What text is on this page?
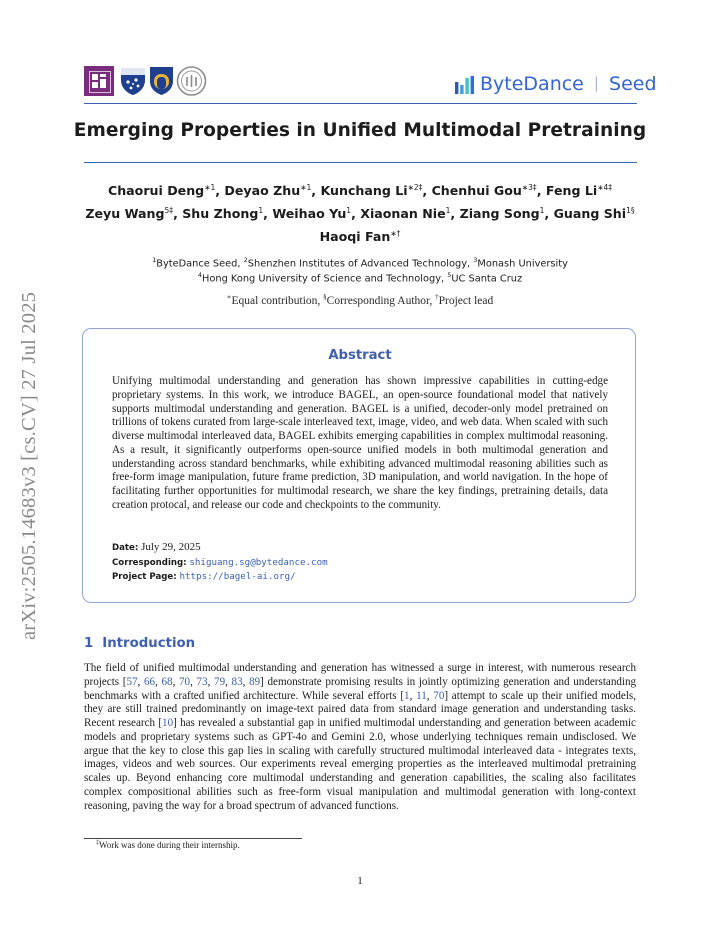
arXiv:2505.14683v3 [cs.CV] 27 Jul 2025
ByteDance | Seed
Emerging Properties in Unified Multimodal Pretraining
Chaorui Deng$^{∗1}$, Deyao Zhu$^{∗1}$, Kunchang $Li^{∗2\ddagger}$, Chenhui Gou$^{∗3\ddagger}$, Feng $Li^{∗4\ddagger}$
Zeyu Wang$^{5\ddagger}$, Shu Zhong$^1$, Weihao Yu$^1$, Xiaonan Nie$^1$, Ziang Song$^1$, Guang Shi$^{1\S}$
Haoqi Fan∗†
$^1$ByteDance Seed, $^2$Shenzhen Institutes of Advanced Technology, $^3$Monash University
$^4$Hong Kong University of Science and Technology, $^5$UC Santa Cruz
∗Equal contribution, §Corresponding Author, †Project lead
Abstract
Unifying multimodal understanding and generation has shown impressive capabilities in cutting-edge proprietary systems. In this work, we introduce BAGEL, an open-source foundational model that natively supports multimodal understanding and generation. BAGEL is a unified, decoder-only model pretrained on trillions of tokens curated from large-scale interleaved text, image, video, and web data. When scaled with such diverse multimodal interleaved data, BAGEL exhibits emerging capabilities in complex multimodal reasoning. As a result, it significantly outperforms open-source unified models in both multimodal generation and understanding across standard benchmarks, while exhibiting advanced multimodal reasoning abilities such as free-form image manipulation, future frame prediction, 3D manipulation, and world navigation. In the hope of facilitating further opportunities for multimodal research, we share the key findings, pretraining details, data creation protocal, and release our code and checkpoints to the community.
Date: July 29, 2025
Corresponding: shiguang.sg@bytedance.com
Project Page: https://bagel-ai.org/
1 Introduction
The field of unified multimodal understanding and generation has witnessed a surge in interest, with numerous research projects [57, 66, 68, 70, 73, 79, 83, 89] demonstrate promising results in jointly optimizing generation and understanding benchmarks with a crafted unified architecture. While several efforts [1, 11, 70] attempt to scale up their unified models, they are still trained predominantly on image-text paired data from standard image generation and understanding tasks. Recent research [10] has revealed a substantial gap in unified multimodal understanding and generation between academic models and proprietary systems such as GPT-4o and Gemini 2.0, whose underlying techniques remain undisclosed. We argue that the key to close this gap lies in scaling with carefully structured multimodal interleaved data - integrates texts, images, videos and web sources. Our experiments reveal emerging properties as the interleaved multimodal pretraining scales up. Beyond enhancing core multimodal understanding and generation capabilities, the scaling also facilitates complex compositional abilities such as free-form visual manipulation and multimodal generation with long-context reasoning, paving the way for a broad spectrum of advanced functions.
‡Work was done during their internship.
1
